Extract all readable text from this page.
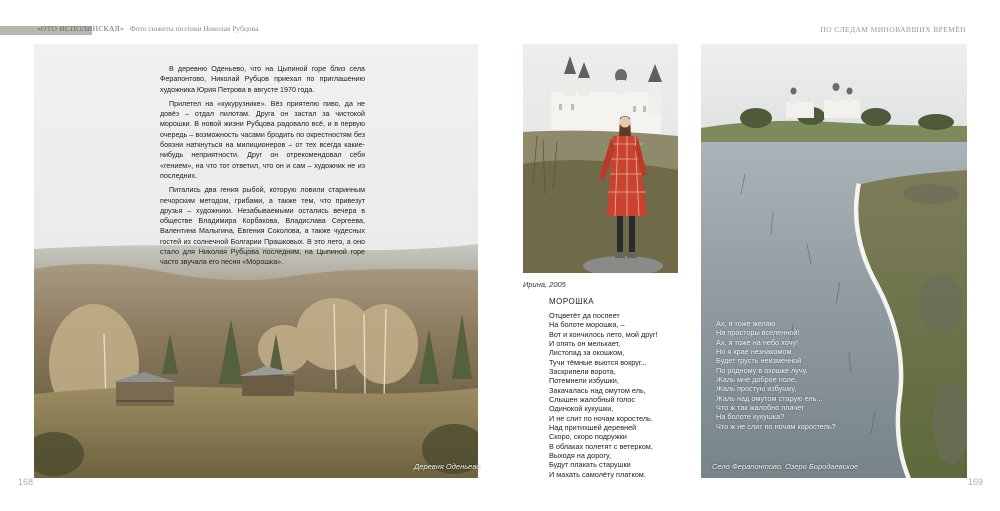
«ОТО ИСПОЛИНСКАЯ» Фото сюжеты поэтики Николая Рубцова	ПО СЛЕДАМ МИНОВАВШИХ ВРЕМЁН

В деревню Оденьево, что на Цыпиной горе близ села Ферапонтово, Николай Рубцов приехал по приглашению художника Юрия Петрова в августе 1970 года.

Прилетел на «кукурузнике». Вёз приятелю пиво, да не довёз – отдал пилотам. Друга он застал за чистокой морошки. В новой жизни Рубцова радовало всё, и в первую очередь – возможность часами бродить по окрестностям без боязни наткнуться на милиционеров – от тех всегда какие-нибудь неприятности. Друг он отрекомендовал себя «гением», на что тот ответил, что он и сам – художник не из последних.

Питались два гения рыбой, которую ловили старинным печорским методом, грибами, а также тем, что привезут друзья – художники. Незабываемыми остались вечера в обществе Владимира Корбакова, Владислава Сергеева, Валентина Малыгина, Евгения Соколова, а также чудесных гостей из солнечной Болгарии Прашковых. В это лето, а оно стало для Николая Рубцова последним, на Цыпиной горе часто звучала его песня «Морошка».

Деревня Оденьево
Ирина, 2005
МОРОШКА
Отцветёт да поспеет
На болоте морошка, –
Вот и кончилось лето, мой друг!
И опять он мелькает,
Листопад за окошком,
Тучи тёмные вьются вокруг...
Заскрипели ворота,
Потемнели избушки,
Закачалась над омутом ель,
Слышен жалобный голос
Одинокой кукушки,
И не слит по ночам коростель.
Над притихшей деревней
Скоро, скоро подружки
В облаках полетят с ветерком,
Выходя на дорогу,
Будут плакать старушки
И махать самолёту платком.
Ах, я тоже желаю
На просторы вселенной!
Ах, я тоже на небо хочу!
Но я крае незнакомом
Будет грусть неизменной
По родному в окошке лучу.
Жаль мне доброе поле,
Жаль простую избушку,
Жаль над омутом старую ель...
Что ж так жалобно плачет
На болоте кукушка?
Что ж не слит по ночам коростель?
Село Ферапонтово. Озеро Бородаевское
168	169
